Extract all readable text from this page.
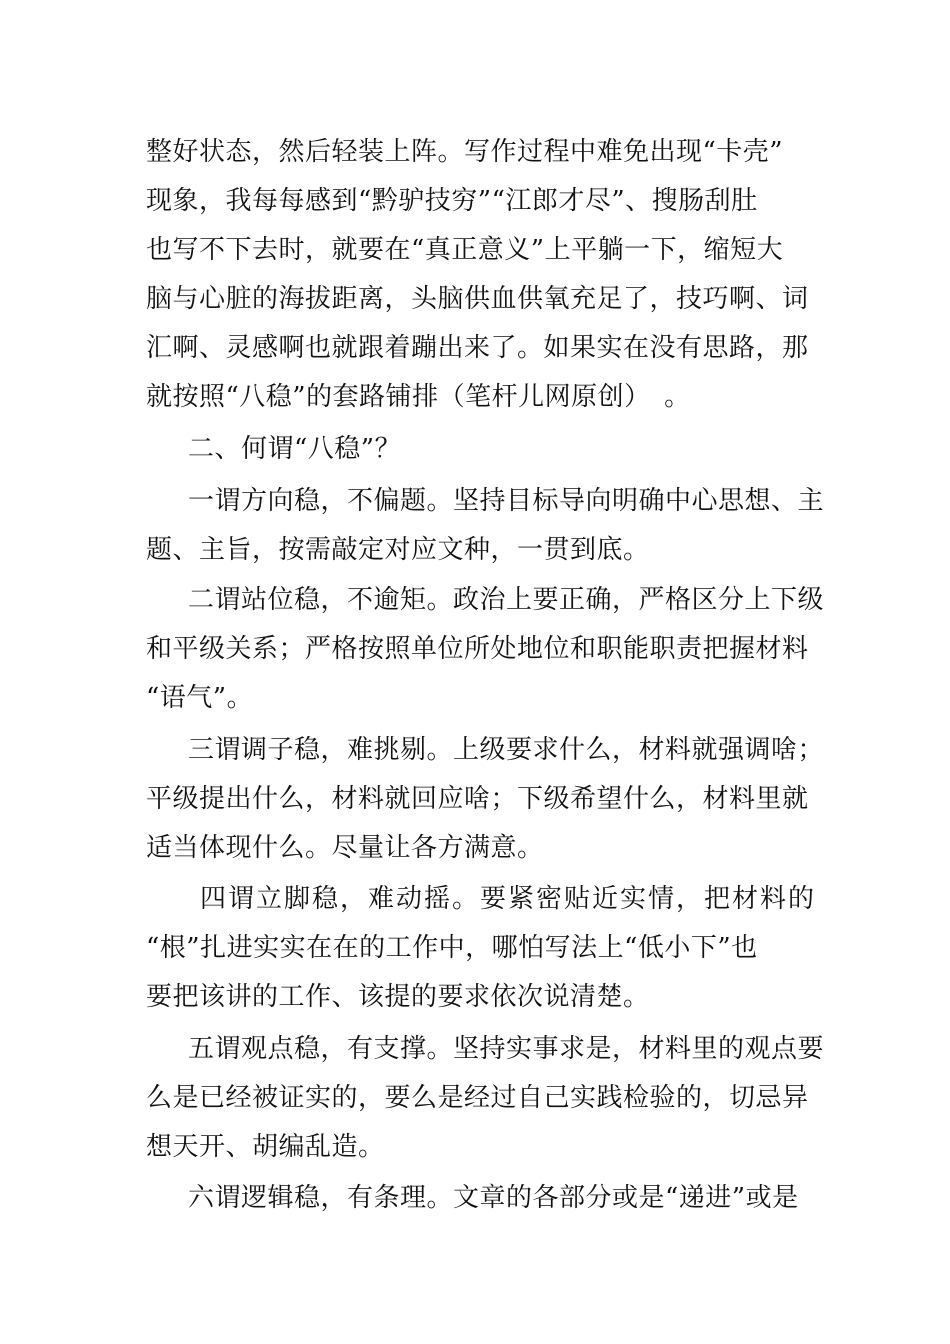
整好状态，然后轻装上阵。写作过程中难免出现“卡壳”
现象，我每每感到“黔驴技穷”“江郎才尽”、搜肠刮肚
也写不下去时，就要在“真正意义”上平躺一下，缩短大
脑与心脏的海拔距离，头脑供血供氧充足了，技巧啊、词
汇啊、灵感啊也就跟着蹦出来了。如果实在没有思路，那
就按照“八稳”的套路铺排（笔杆儿网原创）　。
二、何谓“八稳”？
一谓方向稳，不偏题。坚持目标导向明确中心思想、主
题、主旨，按需敲定对应文种，一贯到底。
二谓站位稳，不逾矩。政治上要正确，严格区分上下级
和平级关系；严格按照单位所处地位和职能职责把握材料
“语气”。
三谓调子稳，难挑剔。上级要求什么，材料就强调啥；
平级提出什么，材料就回应啥；下级希望什么，材料里就
适当体现什么。尽量让各方满意。
四谓立脚稳，难动摇。要紧密贴近实情，把材料的
“根”扎进实实在在的工作中，哪怕写法上“低小下”也
要把该讲的工作、该提的要求依次说清楚。
五谓观点稳，有支撑。坚持实事求是，材料里的观点要
么是已经被证实的，要么是经过自己实践检验的，切忌异
想天开、胡编乱造。
六谓逻辑稳，有条理。文章的各部分或是“递进”或是
